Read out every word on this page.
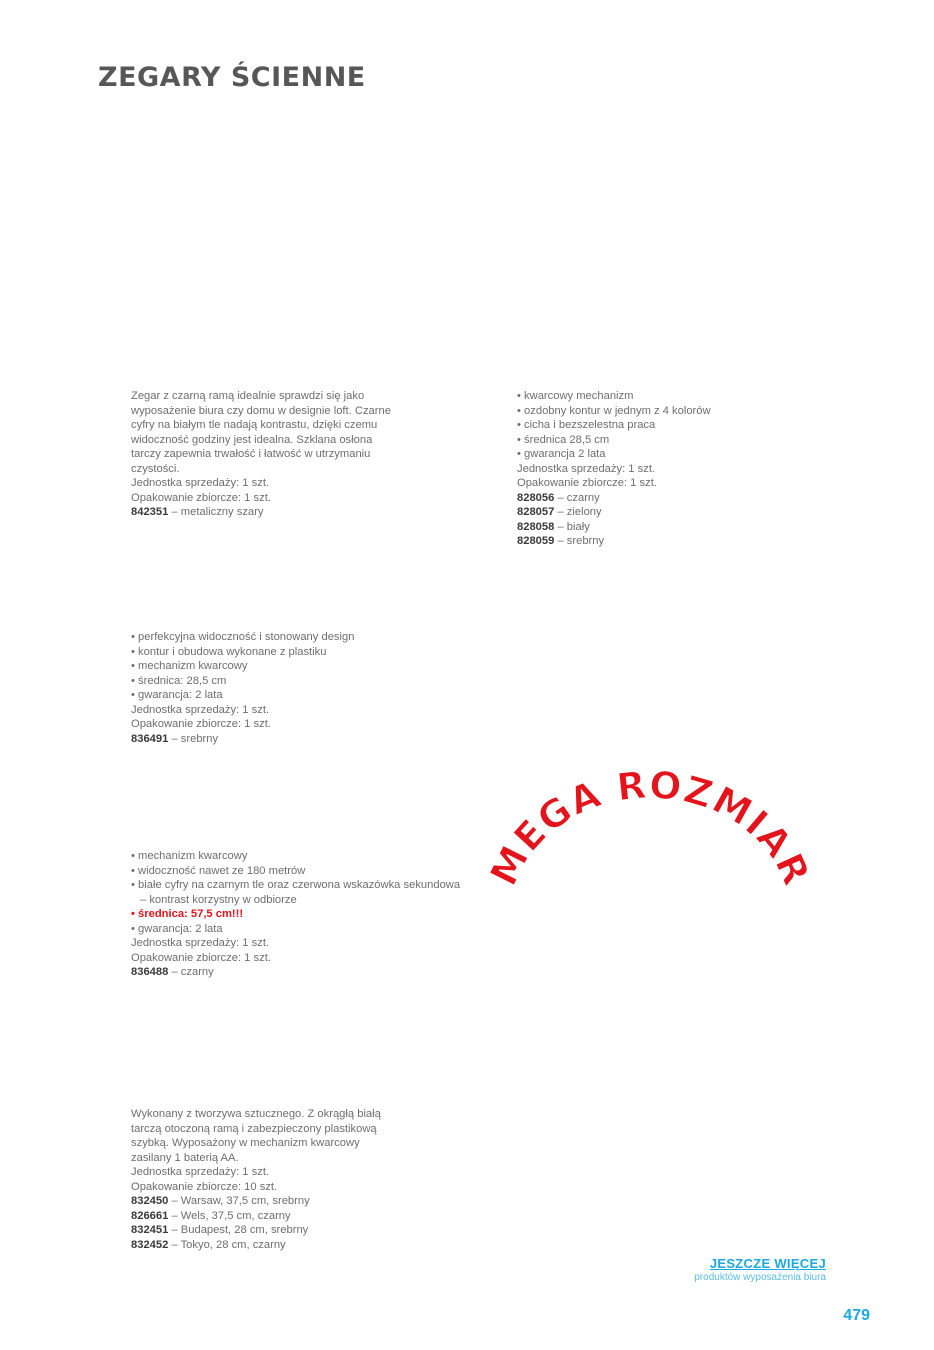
ZEGARY ŚCIENNE
Zegar z czarną ramą idealnie sprawdzi się jako
wyposażenie biura czy domu w designie loft. Czarne
cyfry na białym tle nadają kontrastu, dzięki czemu
widoczność godziny jest idealna. Szklana osłona
tarczy zapewnia trwałość i łatwość w utrzymaniu
czystości.
Jednostka sprzedaży: 1 szt.
Opakowanie zbiorcze: 1 szt.
842351 – metaliczny szary
• kwarcowy mechanizm
• ozdobny kontur w jednym z 4 kolorów
• cicha i bezszelestna praca
• średnica 28,5 cm
• gwarancja 2 lata
Jednostka sprzedaży: 1 szt.
Opakowanie zbiorcze: 1 szt.
828056 – czarny
828057 – zielony
828058 – biały
828059 – srebrny
• perfekcyjna widoczność i stonowany design
• kontur i obudowa wykonane z plastiku
• mechanizm kwarcowy
• średnica: 28,5 cm
• gwarancja: 2 lata
Jednostka sprzedaży: 1 szt.
Opakowanie zbiorcze: 1 szt.
836491 – srebrny
• mechanizm kwarcowy
• widoczność nawet ze 180 metrów
• białe cyfry na czarnym tle oraz czerwona wskazówka sekundowa
– kontrast korzystny w odbiorze
• średnica: 57,5 cm!!!
• gwarancja: 2 lata
Jednostka sprzedaży: 1 szt.
Opakowanie zbiorcze: 1 szt.
836488 – czarny
MEGA ROZMIAR
Wykonany z tworzywa sztucznego. Z okrągłą białą
tarczą otoczoną ramą i zabezpieczony plastikową
szybką. Wyposażony w mechanizm kwarcowy
zasilany 1 baterią AA.
Jednostka sprzedaży: 1 szt.
Opakowanie zbiorcze: 10 szt.
832450 – Warsaw, 37,5 cm, srebrny
826661 – Wels, 37,5 cm, czarny
832451 – Budapest, 28 cm, srebrny
832452 – Tokyo, 28 cm, czarny
JESZCZE WIĘCEJ
produktów wyposażenia biura
479
